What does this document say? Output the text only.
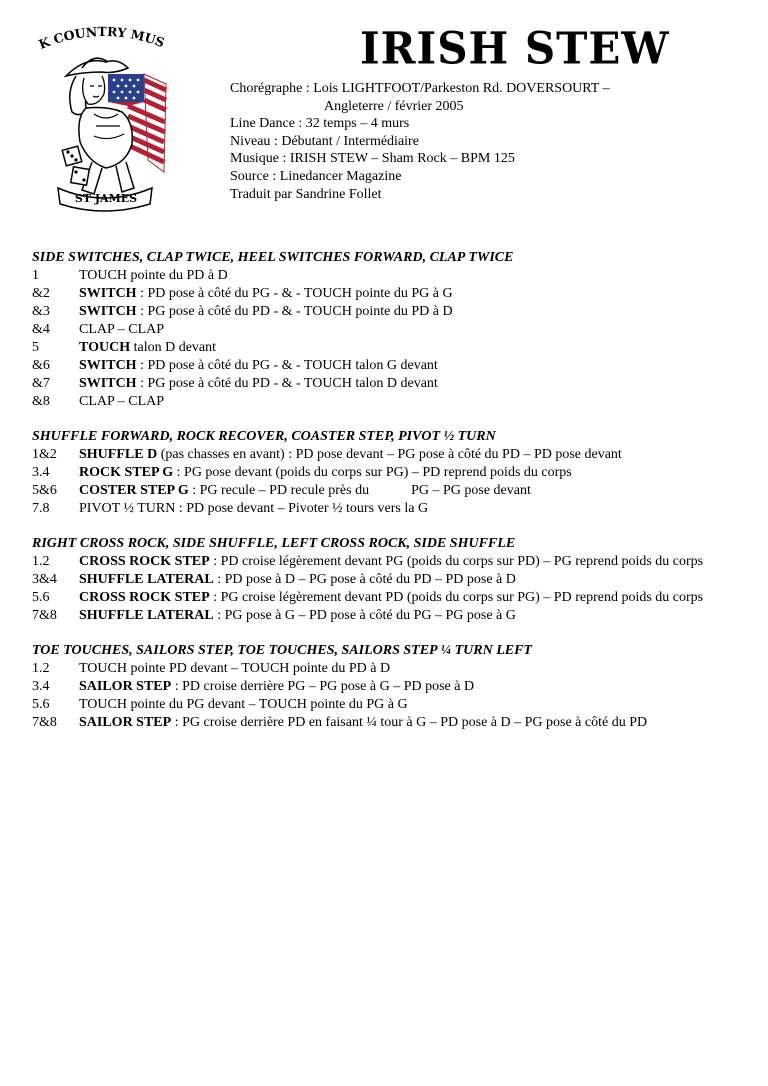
K COUNTRY MUS
ST JAMES
IRISH STEW
Chorégraphe : Lois LIGHTFOOT/Parkeston Rd. DOVERSOURT –
Angleterre / février 2005
Line Dance : 32 temps – 4 murs
Niveau : Débutant / Intermédiaire
Musique : IRISH STEW – Sham Rock – BPM 125
Source : Linedancer Magazine
Traduit par Sandrine Follet
SIDE SWITCHES, CLAP TWICE, HEEL SWITCHES FORWARD, CLAP TWICE
1	TOUCH pointe du PD à D
&2	SWITCH : PD pose à côté du PG - & - TOUCH pointe du PG à G
&3	SWITCH : PG pose à côté du PD - & - TOUCH pointe du PD à D
&4	CLAP – CLAP
5	TOUCH talon D devant
&6	SWITCH : PD pose à côté du PG - & - TOUCH talon G devant
&7	SWITCH : PG pose à côté du PD - & - TOUCH talon D devant
&8	CLAP – CLAP
SHUFFLE FORWARD, ROCK RECOVER, COASTER STEP, PIVOT ½ TURN
1&2	SHUFFLE D (pas chasses en avant) : PD pose devant – PG pose à côté du PD – PD pose devant
3.4	ROCK STEP G : PG pose devant (poids du corps sur PG) – PD reprend poids du corps
5&6	COSTER STEP G : PG recule – PD recule près du            PG – PG pose devant
7.8	PIVOT ½ TURN : PD pose devant – Pivoter ½ tours vers la G
RIGHT CROSS ROCK, SIDE SHUFFLE, LEFT CROSS ROCK, SIDE SHUFFLE
1.2	CROSS ROCK STEP : PD croise légèrement devant PG (poids du corps sur PD) – PG reprend poids du corps
3&4	SHUFFLE LATERAL : PD pose à D – PG pose à côté du PD – PD pose à D
5.6	CROSS ROCK STEP : PG croise légèrement devant PD (poids du corps sur PG) – PD reprend poids du corps
7&8	SHUFFLE LATERAL : PG pose à G – PD pose à côté du PG – PG pose à G
TOE TOUCHES, SAILORS STEP, TOE TOUCHES, SAILORS STEP ¼ TURN LEFT
1.2	TOUCH pointe PD devant – TOUCH pointe du PD à D
3.4	SAILOR STEP : PD croise derrière PG – PG pose à G – PD pose à D
5.6	TOUCH pointe du PG devant – TOUCH pointe du PG à G
7&8	SAILOR STEP : PG croise derrière PD en faisant ¼ tour à G – PD pose à D – PG pose à côté du PD
